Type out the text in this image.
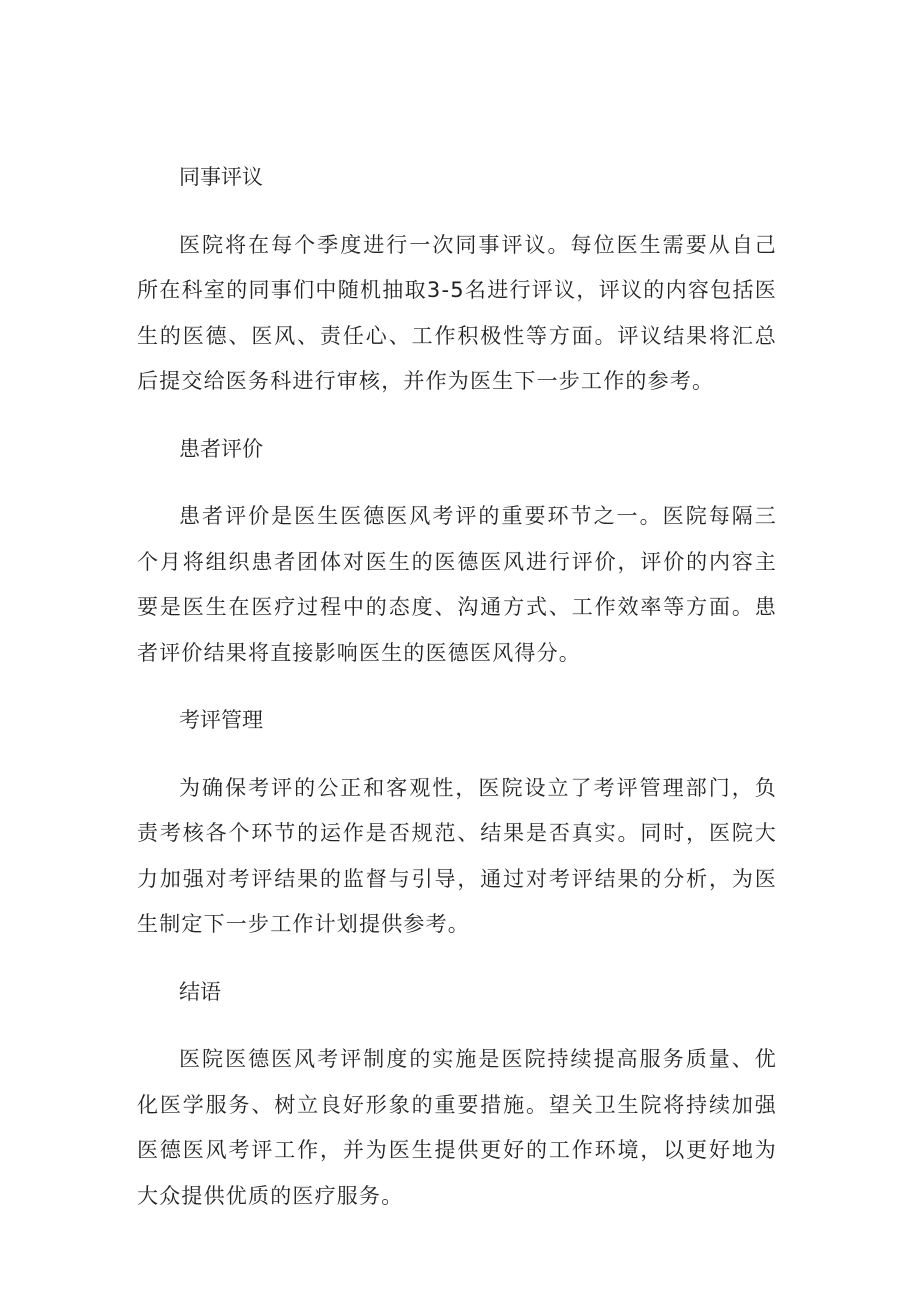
同事评议

医院将在每个季度进行一次同事评议。每位医生需要从自己所在科室的同事们中随机抽取3-5名进行评议，评议的内容包括医生的医德、医风、责任心、工作积极性等方面。评议结果将汇总后提交给医务科进行审核，并作为医生下一步工作的参考。

患者评价

患者评价是医生医德医风考评的重要环节之一。医院每隔三个月将组织患者团体对医生的医德医风进行评价，评价的内容主要是医生在医疗过程中的态度、沟通方式、工作效率等方面。患者评价结果将直接影响医生的医德医风得分。

考评管理

为确保考评的公正和客观性，医院设立了考评管理部门，负责考核各个环节的运作是否规范、结果是否真实。同时，医院大力加强对考评结果的监督与引导，通过对考评结果的分析，为医生制定下一步工作计划提供参考。

结语

医院医德医风考评制度的实施是医院持续提高服务质量、优化医学服务、树立良好形象的重要措施。望关卫生院将持续加强医德医风考评工作，并为医生提供更好的工作环境，以更好地为大众提供优质的医疗服务。
